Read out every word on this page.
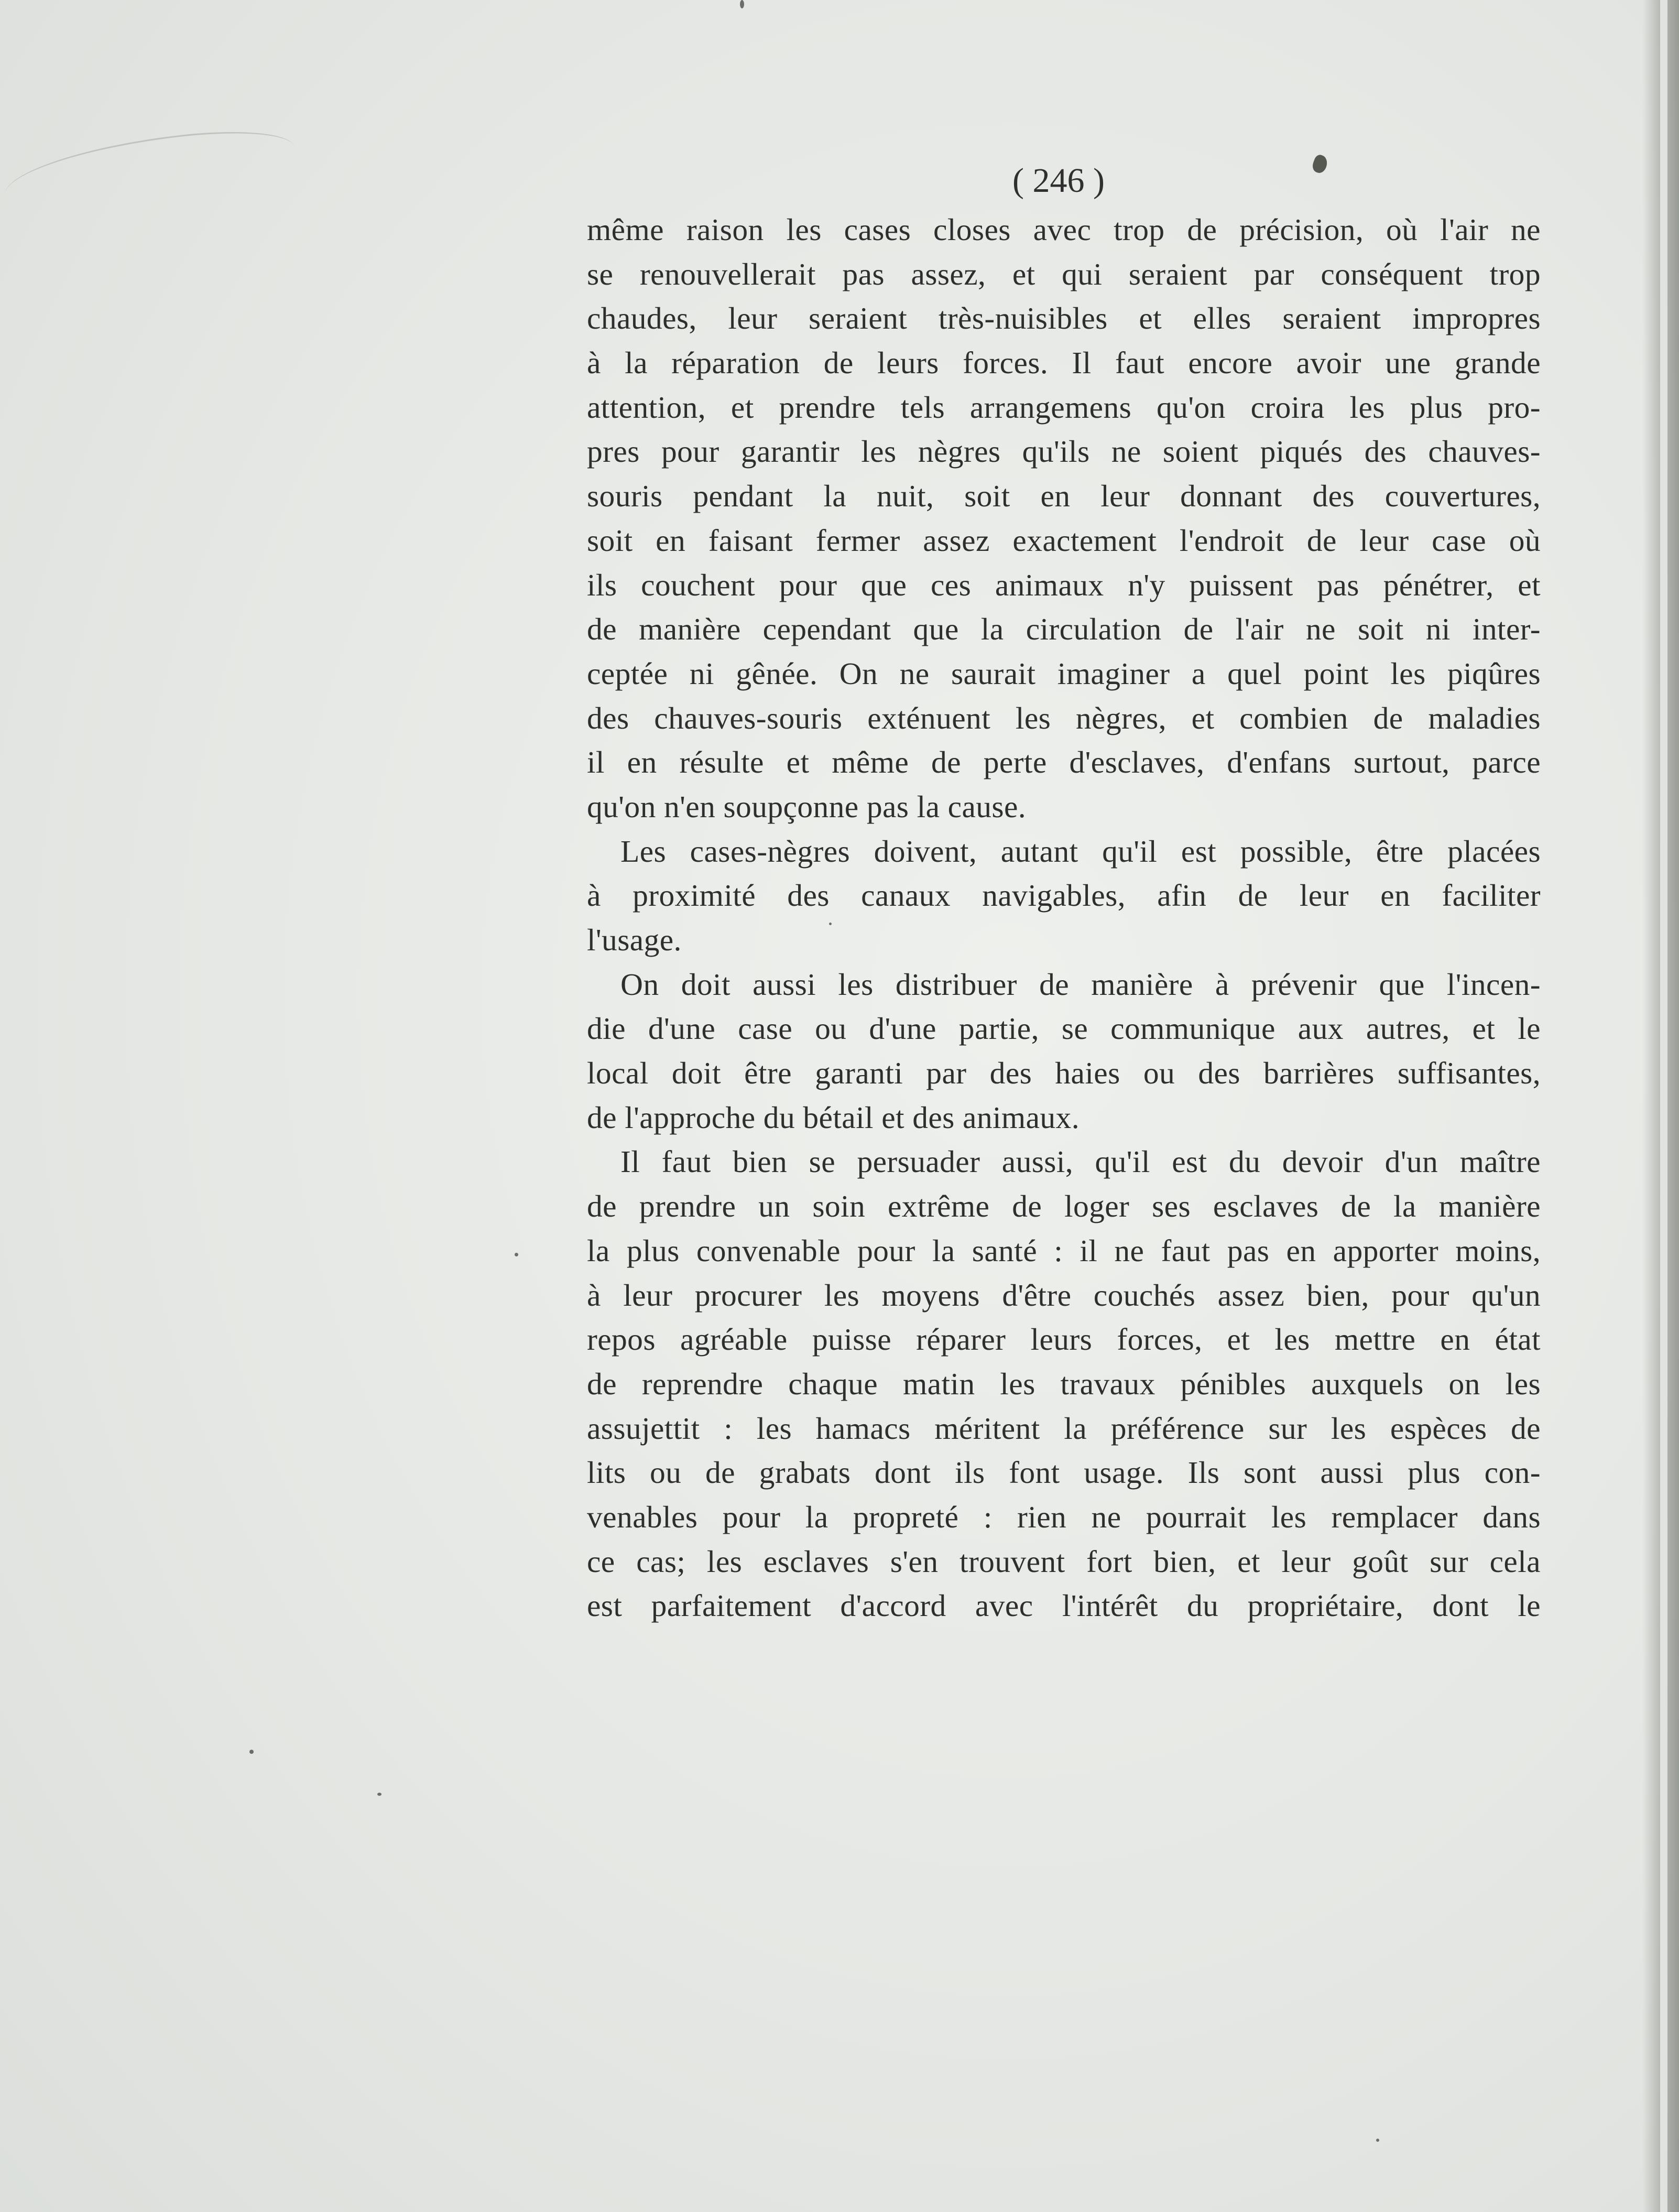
( 246 )
même raison les cases closes avec trop de précision, où l'air ne
se renouvellerait pas assez, et qui seraient par conséquent trop
chaudes, leur seraient très-nuisibles et elles seraient impropres
à la réparation de leurs forces. Il faut encore avoir une grande
attention, et prendre tels arrangemens qu'on croira les plus pro-
pres pour garantir les nègres qu'ils ne soient piqués des chauves-
souris pendant la nuit, soit en leur donnant des couvertures,
soit en faisant fermer assez exactement l'endroit de leur case où
ils couchent pour que ces animaux n'y puissent pas pénétrer, et
de manière cependant que la circulation de l'air ne soit ni inter-
ceptée ni gênée. On ne saurait imaginer a quel point les piqûres
des chauves-souris exténuent les nègres, et combien de maladies
il en résulte et même de perte d'esclaves, d'enfans surtout, parce
qu'on n'en soupçonne pas la cause.
Les cases-nègres doivent, autant qu'il est possible, être placées
à proximité des canaux navigables, afin de leur en faciliter
l'usage.
On doit aussi les distribuer de manière à prévenir que l'incen-
die d'une case ou d'une partie, se communique aux autres, et le
local doit être garanti par des haies ou des barrières suffisantes,
de l'approche du bétail et des animaux.
Il faut bien se persuader aussi, qu'il est du devoir d'un maître
de prendre un soin extrême de loger ses esclaves de la manière
la plus convenable pour la santé : il ne faut pas en apporter moins,
à leur procurer les moyens d'être couchés assez bien, pour qu'un
repos agréable puisse réparer leurs forces, et les mettre en état
de reprendre chaque matin les travaux pénibles auxquels on les
assujettit : les hamacs méritent la préférence sur les espèces de
lits ou de grabats dont ils font usage. Ils sont aussi plus con-
venables pour la propreté : rien ne pourrait les remplacer dans
ce cas; les esclaves s'en trouvent fort bien, et leur goût sur cela
est parfaitement d'accord avec l'intérêt du propriétaire, dont le
